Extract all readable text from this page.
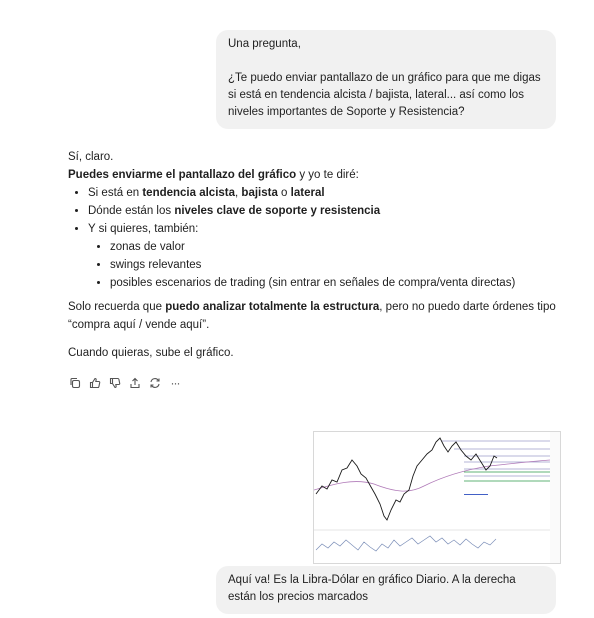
Una pregunta,

¿Te puedo enviar pantallazo de un gráfico para que me digas si está en tendencia alcista / bajista, lateral... así como los niveles importantes de Soporte y Resistencia?

Sí, claro.

Puedes enviarme el pantallazo del gráfico y yo te diré:

• Si está en tendencia alcista, bajista o lateral
• Dónde están los niveles clave de soporte y resistencia
• Y si quieres, también:
• zonas de valor
• swings relevantes
• posibles escenarios de trading (sin entrar en señales de compra/venta directas)

Solo recuerda que puedo analizar totalmente la estructura, pero no puedo darte órdenes tipo “compra aquí / vende aquí”.

Cuando quieras, sube el gráfico.

···
▬▬▬▬▬▬▬▬

Aquí va! Es la Libra-Dólar en gráfico Diario. A la derecha están los precios marcados
